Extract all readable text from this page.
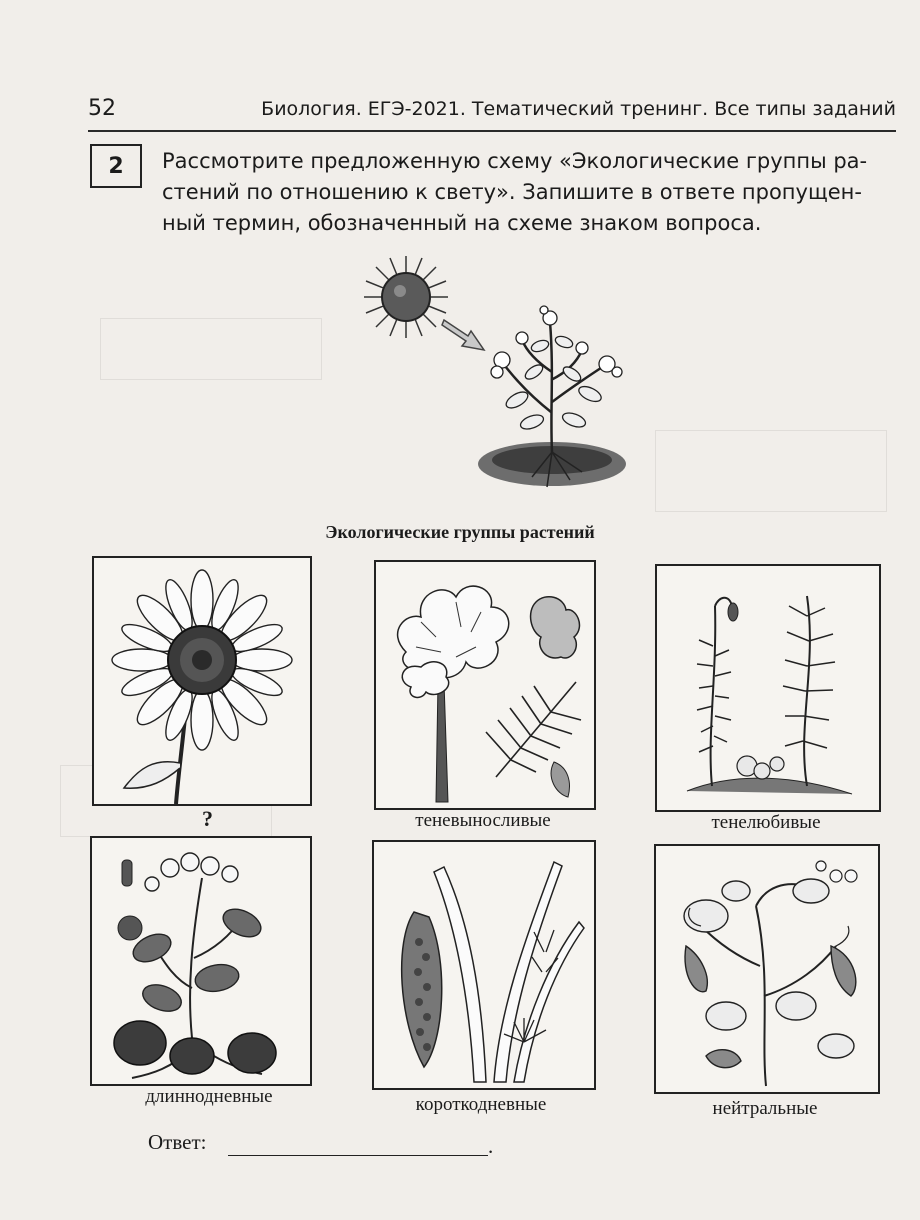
52	Биология. ЕГЭ-2021. Тематический тренинг. Все типы заданий
2 Рассмотрите предложенную схему «Экологические группы ра-
стений по отношению к свету». Запишите в ответе пропущен-
ный термин, обозначенный на схеме знаком вопроса.
Экологические группы растений
?	теневыносливые	тенелюбивые
длиннодневные	короткодневные	нейтральные
Ответ:	.
